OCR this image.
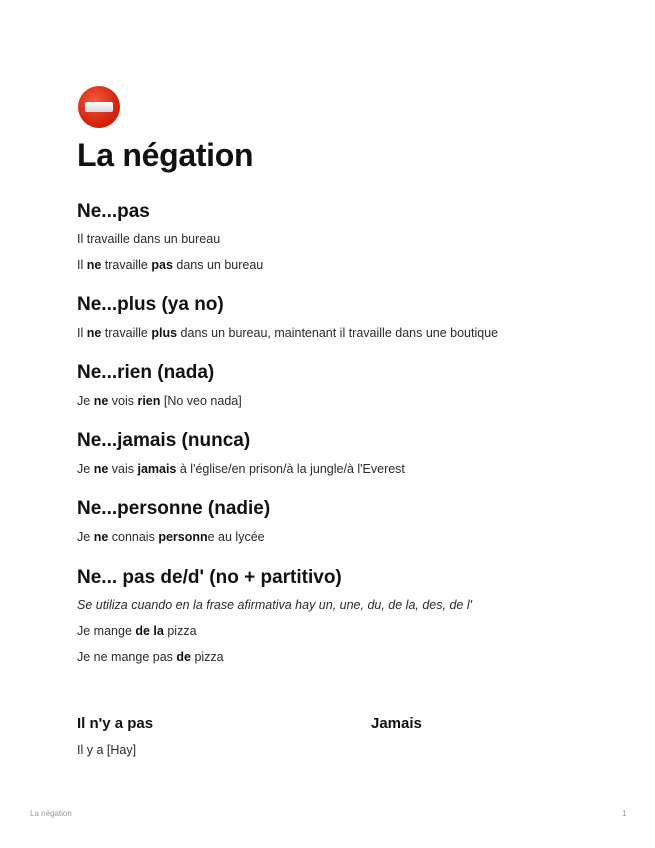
La négation
Ne...pas
Il travaille dans un bureau
Il ne travaille pas dans un bureau
Ne...plus (ya no)
Il ne travaille plus dans un bureau, maintenant il travaille dans une boutique
Ne...rien (nada)
Je ne vois rien [No veo nada]
Ne...jamais (nunca)
Je ne vais jamais à l'église/en prison/à la jungle/à l'Everest
Ne...personne (nadie)
Je ne connais personne au lycée
Ne... pas de/d' (no + partitivo)
Se utiliza cuando en la frase afirmativa hay un, une, du, de la, des, de l'
Je mange de la pizza
Je ne mange pas de pizza
Il n'y a pas	Jamais
Il y a [Hay]
La négation	1
